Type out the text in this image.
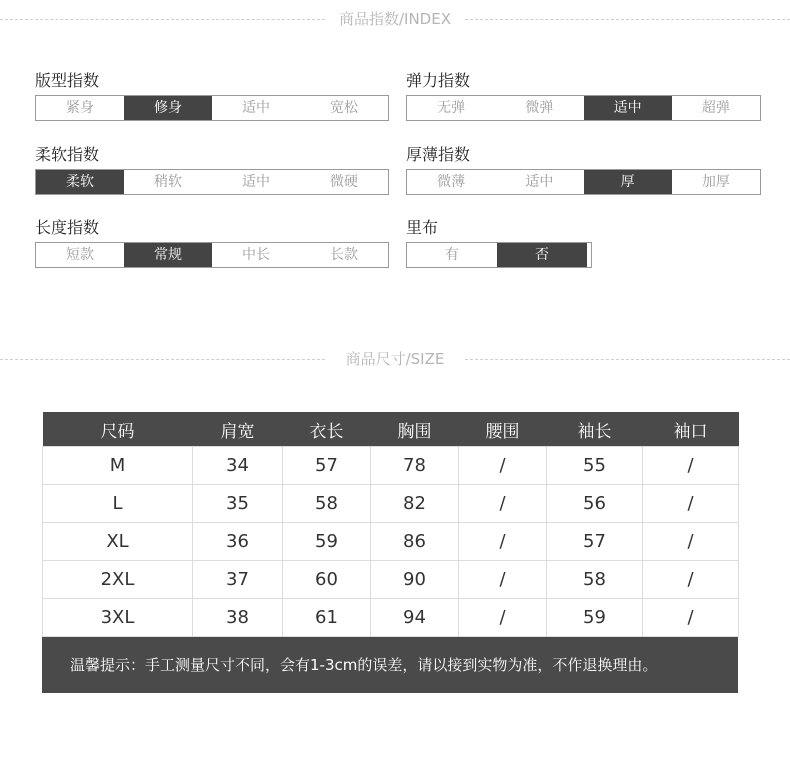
商品指数/INDEX
版型指数
紧身	修身	适中	宽松
弹力指数
无弹	微弹	适中	超弹
柔软指数
柔软	稍软	适中	微硬
厚薄指数
微薄	适中	厚	加厚
长度指数
短款	常规	中长	长款
里布
有	否
商品尺寸/SIZE
尺码	肩宽	衣长	胸围	腰围	袖长	袖口
M	34	57	78	/	55	/
L	35	58	82	/	56	/
XL	36	59	86	/	57	/
2XL	37	60	90	/	58	/
3XL	38	61	94	/	59	/
温馨提示：手工测量尺寸不同，会有1-3cm的误差，请以接到实物为准，不作退换理由。
